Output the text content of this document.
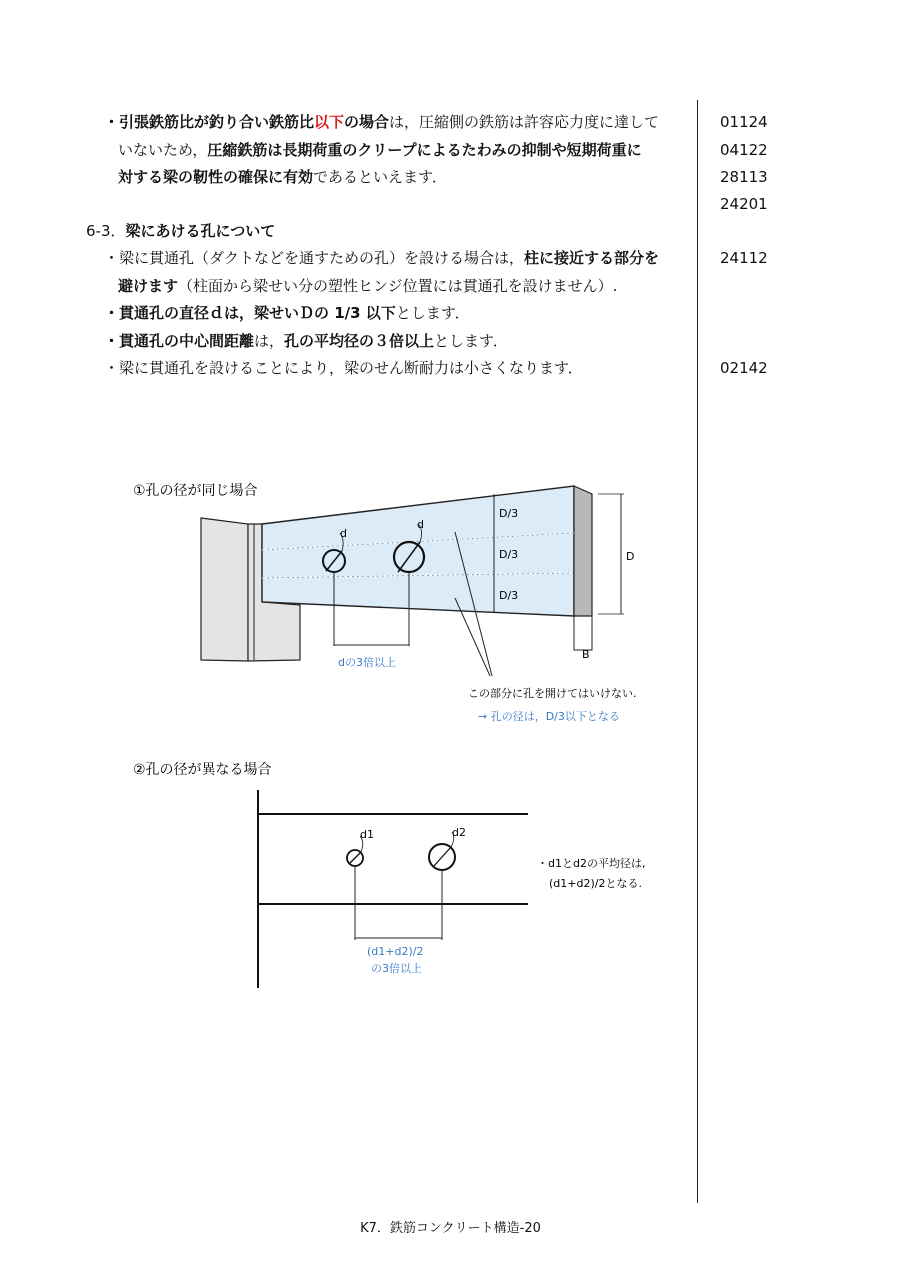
・引張鉄筋比が釣り合い鉄筋比以下の場合は，圧縮側の鉄筋は許容応力度に達して
いないため，圧縮鉄筋は長期荷重のクリープによるたわみの抑制や短期荷重に
対する梁の靭性の確保に有効であるといえます．
6-3．梁にあける孔について
・梁に貫通孔（ダクトなどを通すための孔）を設ける場合は，柱に接近する部分を
避けます（柱面から梁せい分の塑性ヒンジ位置には貫通孔を設けません）.
・貫通孔の直径ｄは，梁せいＤの 1/3 以下とします．
・貫通孔の中心間距離は，孔の平均径の３倍以上とします．
・梁に貫通孔を設けることにより，梁のせん断耐力は小さくなります．
01124
04122
28113
24201
24112
02142
①孔の径が同じ場合
d
d
dの3倍以上
D/3
D/3
D/3
D
B
この部分に孔を開けてはいけない.
→ 孔の径は，D/3以下となる
②孔の径が異なる場合
d1	d2
(d1+d2)/2
の3倍以上
・d1とd2の平均径は,
(d1+d2)/2となる.
K7．鉄筋コンクリート構造-20
